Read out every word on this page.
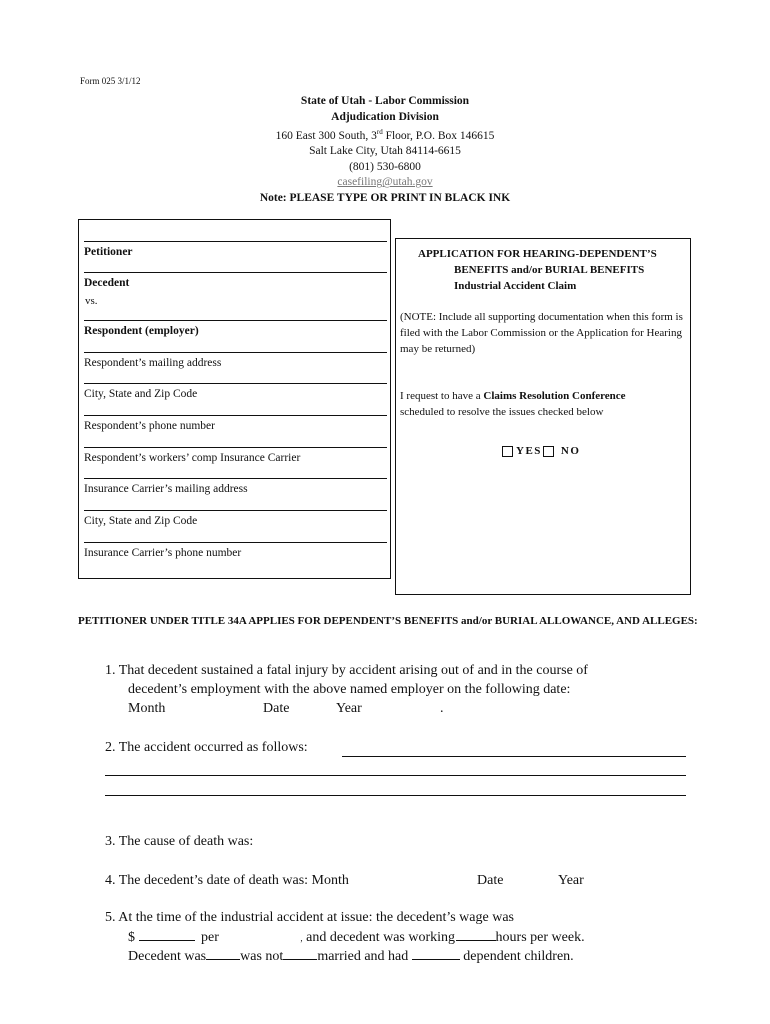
Form 025 3/1/12
State of Utah - Labor Commission
Adjudication Division
160 East 300 South, 3rd Floor, P.O. Box 146615
Salt Lake City, Utah 84114-6615
(801) 530-6800
casefiling@utah.gov
Note: PLEASE TYPE OR PRINT IN BLACK INK
Petitioner
Decedent
vs.
Respondent (employer)
Respondent’s mailing address
City, State and Zip Code
Respondent’s phone number
Respondent’s workers’ comp Insurance Carrier
Insurance Carrier’s mailing address
City, State and Zip Code
Insurance Carrier’s phone number
APPLICATION FOR HEARING-DEPENDENT’S
BENEFITS and/or BURIAL BENEFITS
Industrial Accident Claim
(NOTE: Include all supporting documentation when this form is filed with the Labor Commission or the Application for Hearing may be returned)
I request to have a Claims Resolution Conference
scheduled to resolve the issues checked below
YES NO
PETITIONER UNDER TITLE 34A APPLIES FOR DEPENDENT’S BENEFITS and/or BURIAL ALLOWANCE, AND ALLEGES:
1. That decedent sustained a fatal injury by accident arising out of and in the course of
decedent’s employment with the above named employer on the following date:
Month	Date	Year	.
2. The accident occurred as follows:
3. The cause of death was:
4. The decedent’s date of death was: Month	Date	Year
5. At the time of the industrial accident at issue: the decedent’s wage was
$	per	, and decedent was working	hours per week.
Decedent was was not married and had	dependent children.
